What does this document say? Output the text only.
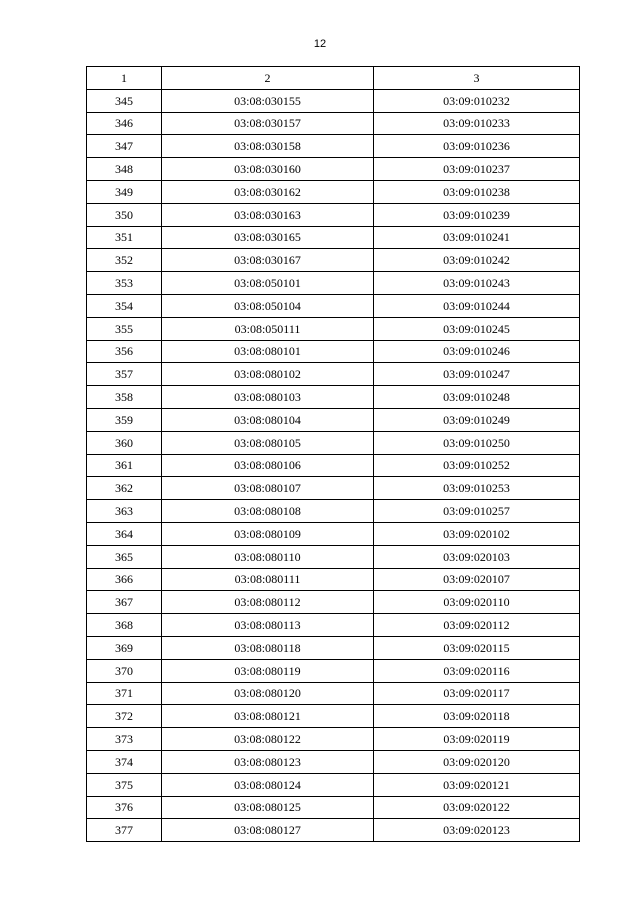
12
1	2	3
345	03:08:030155	03:09:010232
346	03:08:030157	03:09:010233
347	03:08:030158	03:09:010236
348	03:08:030160	03:09:010237
349	03:08:030162	03:09:010238
350	03:08:030163	03:09:010239
351	03:08:030165	03:09:010241
352	03:08:030167	03:09:010242
353	03:08:050101	03:09:010243
354	03:08:050104	03:09:010244
355	03:08:050111	03:09:010245
356	03:08:080101	03:09:010246
357	03:08:080102	03:09:010247
358	03:08:080103	03:09:010248
359	03:08:080104	03:09:010249
360	03:08:080105	03:09:010250
361	03:08:080106	03:09:010252
362	03:08:080107	03:09:010253
363	03:08:080108	03:09:010257
364	03:08:080109	03:09:020102
365	03:08:080110	03:09:020103
366	03:08:080111	03:09:020107
367	03:08:080112	03:09:020110
368	03:08:080113	03:09:020112
369	03:08:080118	03:09:020115
370	03:08:080119	03:09:020116
371	03:08:080120	03:09:020117
372	03:08:080121	03:09:020118
373	03:08:080122	03:09:020119
374	03:08:080123	03:09:020120
375	03:08:080124	03:09:020121
376	03:08:080125	03:09:020122
377	03:08:080127	03:09:020123
